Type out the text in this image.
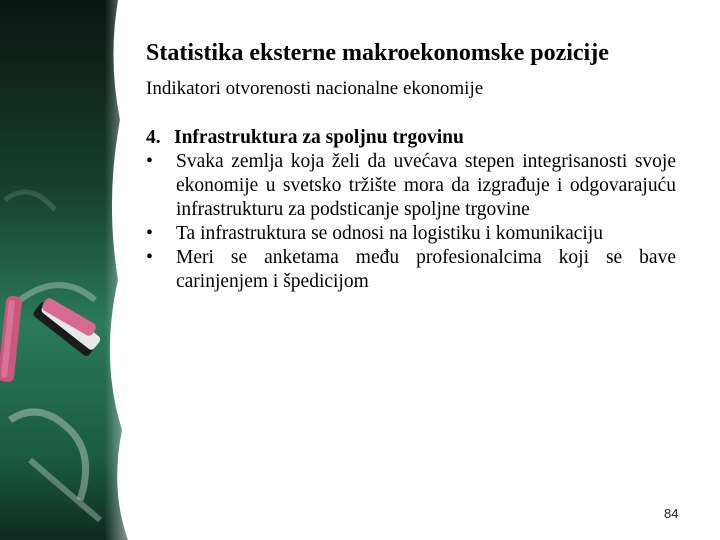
Statistika eksterne makroekonomske pozicije
Indikatori otvorenosti nacionalne ekonomije
4. Infrastruktura za spoljnu trgovinu
•	Svaka zemlja koja želi da uvećava stepen integrisanosti svoje ekonomije u svetsko tržište mora da izgrađuje i odgovarajuću infrastrukturu za podsticanje spoljne trgovine
•	Ta infrastruktura se odnosi na logistiku i komunikaciju
•	Meri se anketama među profesionalcima koji se bave carinjenjem i špedicijom
84
